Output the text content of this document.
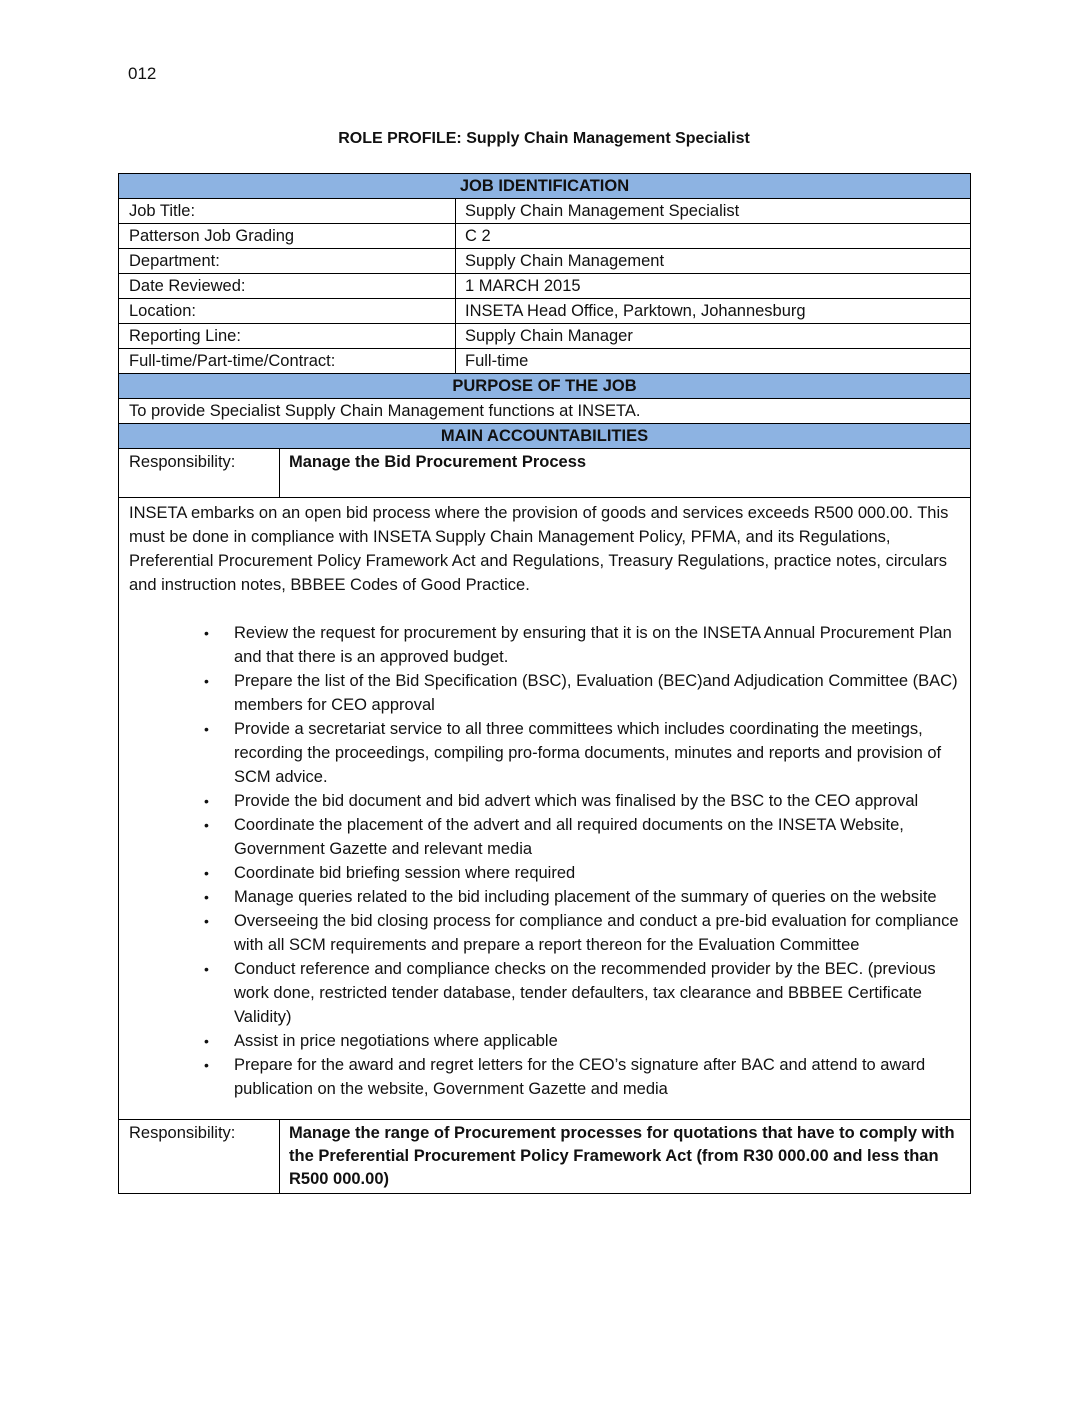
012
ROLE PROFILE: Supply Chain Management Specialist
JOB IDENTIFICATION
Job Title:	Supply Chain Management Specialist
Patterson Job Grading	C 2
Department:	Supply Chain Management
Date Reviewed:	1 MARCH 2015
Location:	INSETA Head Office, Parktown, Johannesburg
Reporting Line:	Supply Chain Manager
Full-time/Part-time/Contract:	Full-time
PURPOSE OF THE JOB
To provide Specialist Supply Chain Management functions at INSETA.
MAIN ACCOUNTABILITIES
Responsibility:	Manage the Bid Procurement Process

INSETA embarks on an open bid process where the provision of goods and services exceeds R500 000.00. This must be done in compliance with INSETA Supply Chain Management Policy, PFMA, and its Regulations, Preferential Procurement Policy Framework Act and Regulations, Treasury Regulations, practice notes, circulars and instruction notes, BBBEE Codes of Good Practice.

• Review the request for procurement by ensuring that it is on the INSETA Annual Procurement Plan and that there is an approved budget.
• Prepare the list of the Bid Specification (BSC), Evaluation (BEC)and Adjudication Committee (BAC) members for CEO approval
• Provide a secretariat service to all three committees which includes coordinating the meetings, recording the proceedings, compiling pro-forma documents, minutes and reports and provision of SCM advice.
• Provide the bid document and bid advert which was finalised by the BSC to the CEO approval
• Coordinate the placement of the advert and all required documents on the INSETA Website, Government Gazette and relevant media
• Coordinate bid briefing session where required
• Manage queries related to the bid including placement of the summary of queries on the website
• Overseeing the bid closing process for compliance and conduct a pre-bid evaluation for compliance with all SCM requirements and prepare a report thereon for the Evaluation Committee
• Conduct reference and compliance checks on the recommended provider by the BEC. (previous work done, restricted tender database, tender defaulters, tax clearance and BBBEE Certificate Validity)
• Assist in price negotiations where applicable
• Prepare for the award and regret letters for the CEO’s signature after BAC and attend to award publication on the website, Government Gazette and media
Responsibility:	Manage the range of Procurement processes for quotations that have to comply with the Preferential Procurement Policy Framework Act (from R30 000.00 and less than R500 000.00)
